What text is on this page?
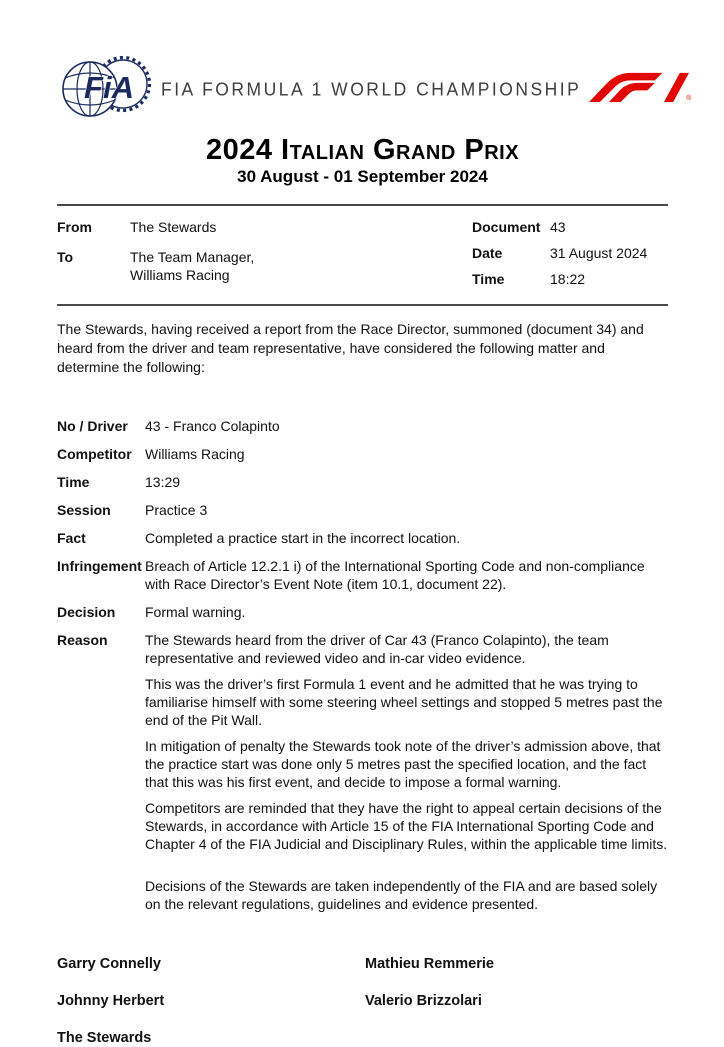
FiA FIA FORMULA 1 WORLD CHAMPIONSHIP	®
2024 Italian Grand Prix
30 August - 01 September 2024
From	The Stewards
To	The Team Manager,
Williams Racing
Document 43
Date	31 August 2024
Time	18:22

The Stewards, having received a report from the Race Director, summoned (document 34) and heard from the driver and team representative, have considered the following matter and determine the following:

No / Driver	43 - Franco Colapinto
Competitor Williams Racing
Time	13:29
Session	Practice 3
Fact	Completed a practice start in the incorrect location.
Infringement Breach of Article 12.2.1 i) of the International Sporting Code and non-compliance with Race Director’s Event Note (item 10.1, document 22).
Decision	Formal warning.
Reason	The Stewards heard from the driver of Car 43 (Franco Colapinto), the team representative and reviewed video and in-car video evidence.

This was the driver’s first Formula 1 event and he admitted that he was trying to familiarise himself with some steering wheel settings and stopped 5 metres past the end of the Pit Wall.

In mitigation of penalty the Stewards took note of the driver’s admission above, that the practice start was done only 5 metres past the specified location, and the fact that this was his first event, and decide to impose a formal warning.

Competitors are reminded that they have the right to appeal certain decisions of the Stewards, in accordance with Article 15 of the FIA International Sporting Code and Chapter 4 of the FIA Judicial and Disciplinary Rules, within the applicable time limits.

Decisions of the Stewards are taken independently of the FIA and are based solely on the relevant regulations, guidelines and evidence presented.

Garry Connelly	Mathieu Remmerie
Johnny Herbert	Valerio Brizzolari
The Stewards
